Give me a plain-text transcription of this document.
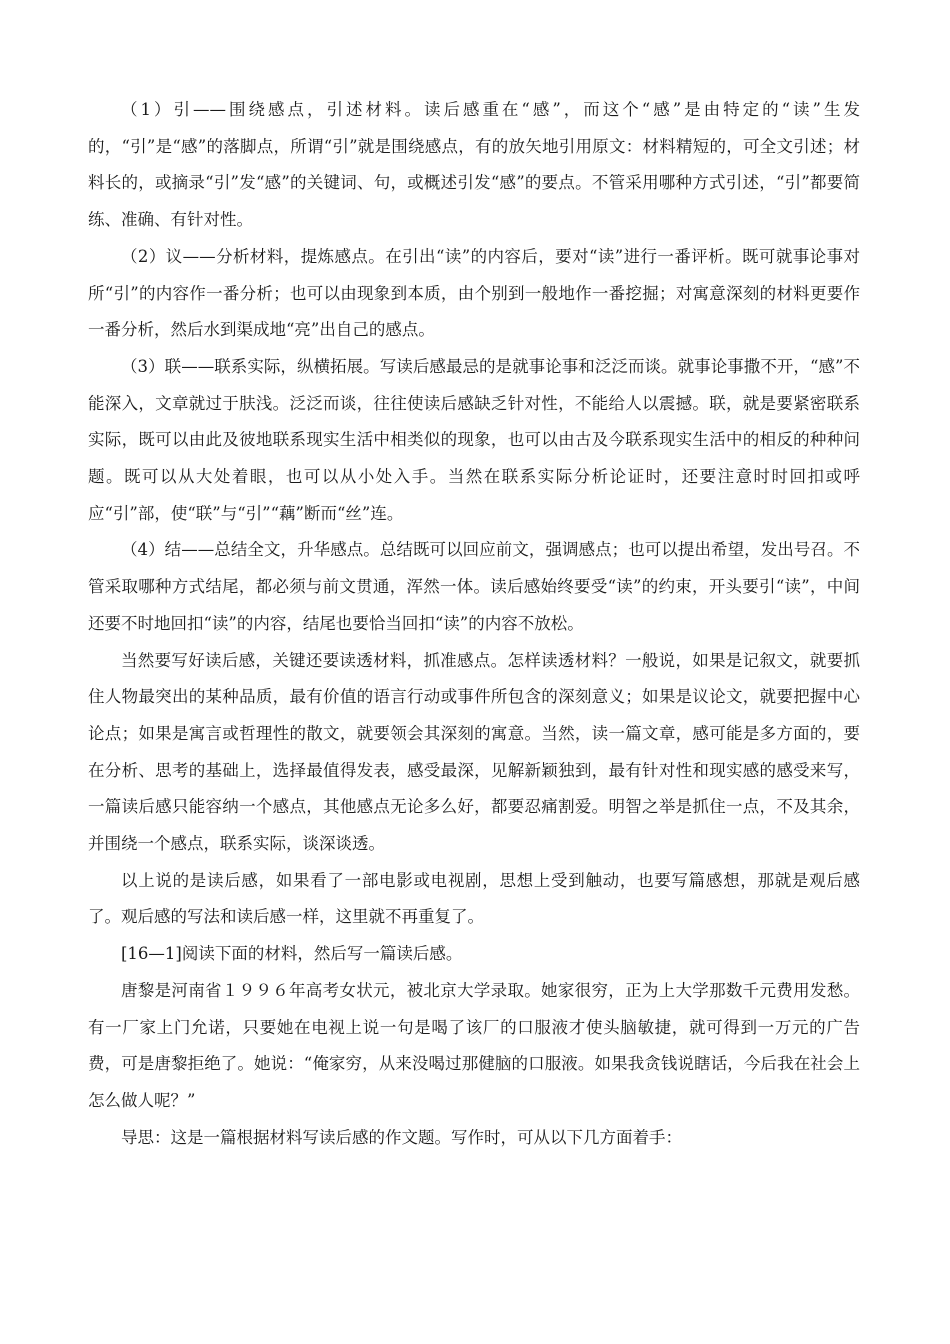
（1）引——围绕感点，引述材料。读后感重在“感”，而这个“感”是由特定的“读”生发的，“引”是“感”的落脚点，所谓“引”就是围绕感点，有的放矢地引用原文：材料精短的，可全文引述；材料长的，或摘录“引”发“感”的关键词、句，或概述引发“感”的要点。不管采用哪种方式引述，“引”都要简练、准确、有针对性。

（2）议——分析材料，提炼感点。在引出“读”的内容后，要对“读”进行一番评析。既可就事论事对所“引”的内容作一番分析；也可以由现象到本质，由个别到一般地作一番挖掘；对寓意深刻的材料更要作一番分析，然后水到渠成地“亮”出自己的感点。

（3）联——联系实际，纵横拓展。写读后感最忌的是就事论事和泛泛而谈。就事论事撒不开，“感”不能深入，文章就过于肤浅。泛泛而谈，往往使读后感缺乏针对性，不能给人以震撼。联，就是要紧密联系实际，既可以由此及彼地联系现实生活中相类似的现象，也可以由古及今联系现实生活中的相反的种种问题。既可以从大处着眼，也可以从小处入手。当然在联系实际分析论证时，还要注意时时回扣或呼应“引”部，使“联”与“引”“藕”断而“丝”连。

（4）结——总结全文，升华感点。总结既可以回应前文，强调感点；也可以提出希望，发出号召。不管采取哪种方式结尾，都必须与前文贯通，浑然一体。读后感始终要受“读”的约束，开头要引“读”，中间还要不时地回扣“读”的内容，结尾也要恰当回扣“读”的内容不放松。

当然要写好读后感，关键还要读透材料，抓准感点。怎样读透材料？一般说，如果是记叙文，就要抓住人物最突出的某种品质，最有价值的语言行动或事件所包含的深刻意义；如果是议论文，就要把握中心论点；如果是寓言或哲理性的散文，就要领会其深刻的寓意。当然，读一篇文章，感可能是多方面的，要在分析、思考的基础上，选择最值得发表，感受最深，见解新颖独到，最有针对性和现实感的感受来写，一篇读后感只能容纳一个感点，其他感点无论多么好，都要忍痛割爱。明智之举是抓住一点，不及其余，并围绕一个感点，联系实际，谈深谈透。

以上说的是读后感，如果看了一部电影或电视剧，思想上受到触动，也要写篇感想，那就是观后感了。观后感的写法和读后感一样，这里就不再重复了。

[16—1]阅读下面的材料，然后写一篇读后感。

唐黎是河南省１９９６年高考女状元，被北京大学录取。她家很穷，正为上大学那数千元费用发愁。有一厂家上门允诺，只要她在电视上说一句是喝了该厂的口服液才使头脑敏捷，就可得到一万元的广告费，可是唐黎拒绝了。她说：“俺家穷，从来没喝过那健脑的口服液。如果我贪钱说瞎话，今后我在社会上怎么做人呢？”

导思：这是一篇根据材料写读后感的作文题。写作时，可从以下几方面着手：
